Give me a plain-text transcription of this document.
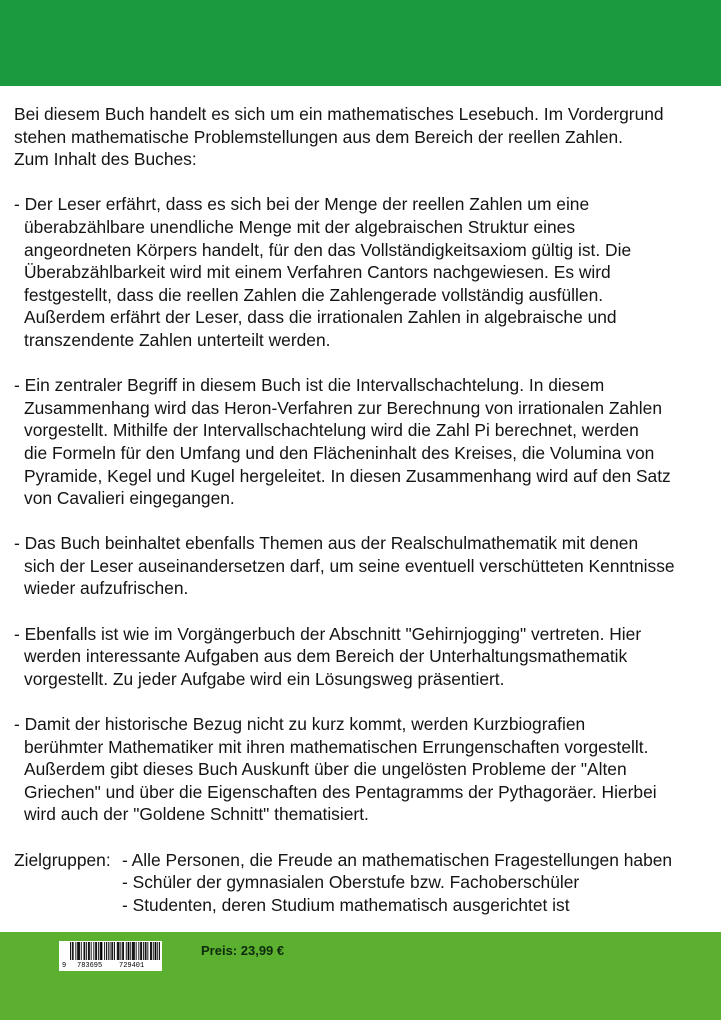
Bei diesem Buch handelt es sich um ein mathematisches Lesebuch. Im Vordergrund
stehen mathematische Problemstellungen aus dem Bereich der reellen Zahlen.
Zum Inhalt des Buches:

- Der Leser erfährt, dass es sich bei der Menge der reellen Zahlen um eine
überabzählbare unendliche Menge mit der algebraischen Struktur eines
angeordneten Körpers handelt, für den das Vollständigkeitsaxiom gültig ist. Die
Überabzählbarkeit wird mit einem Verfahren Cantors nachgewiesen. Es wird
festgestellt, dass die reellen Zahlen die Zahlengerade vollständig ausfüllen.
Außerdem erfährt der Leser, dass die irrationalen Zahlen in algebraische und
transzendente Zahlen unterteilt werden.

- Ein zentraler Begriff in diesem Buch ist die Intervallschachtelung. In diesem
Zusammenhang wird das Heron-Verfahren zur Berechnung von irrationalen Zahlen
vorgestellt. Mithilfe der Intervallschachtelung wird die Zahl Pi berechnet, werden
die Formeln für den Umfang und den Flächeninhalt des Kreises, die Volumina von
Pyramide, Kegel und Kugel hergeleitet. In diesen Zusammenhang wird auf den Satz
von Cavalieri eingegangen.

- Das Buch beinhaltet ebenfalls Themen aus der Realschulmathematik mit denen
sich der Leser auseinandersetzen darf, um seine eventuell verschütteten Kenntnisse
wieder aufzufrischen.

- Ebenfalls ist wie im Vorgängerbuch der Abschnitt "Gehirnjogging" vertreten. Hier
werden interessante Aufgaben aus dem Bereich der Unterhaltungsmathematik
vorgestellt. Zu jeder Aufgabe wird ein Lösungsweg präsentiert.

- Damit der historische Bezug nicht zu kurz kommt, werden Kurzbiografien
berühmter Mathematiker mit ihren mathematischen Errungenschaften vorgestellt.
Außerdem gibt dieses Buch Auskunft über die ungelösten Probleme der "Alten
Griechen" und über die Eigenschaften des Pentagramms der Pythagoräer. Hierbei
wird auch der "Goldene Schnitt" thematisiert.

Zielgruppen: - Alle Personen, die Freude an mathematischen Fragestellungen haben
- Schüler der gymnasialen Oberstufe bzw. Fachoberschüler
- Studenten, deren Studium mathematisch ausgerichtet ist
9 783695 729401
Preis: 23,99 €
